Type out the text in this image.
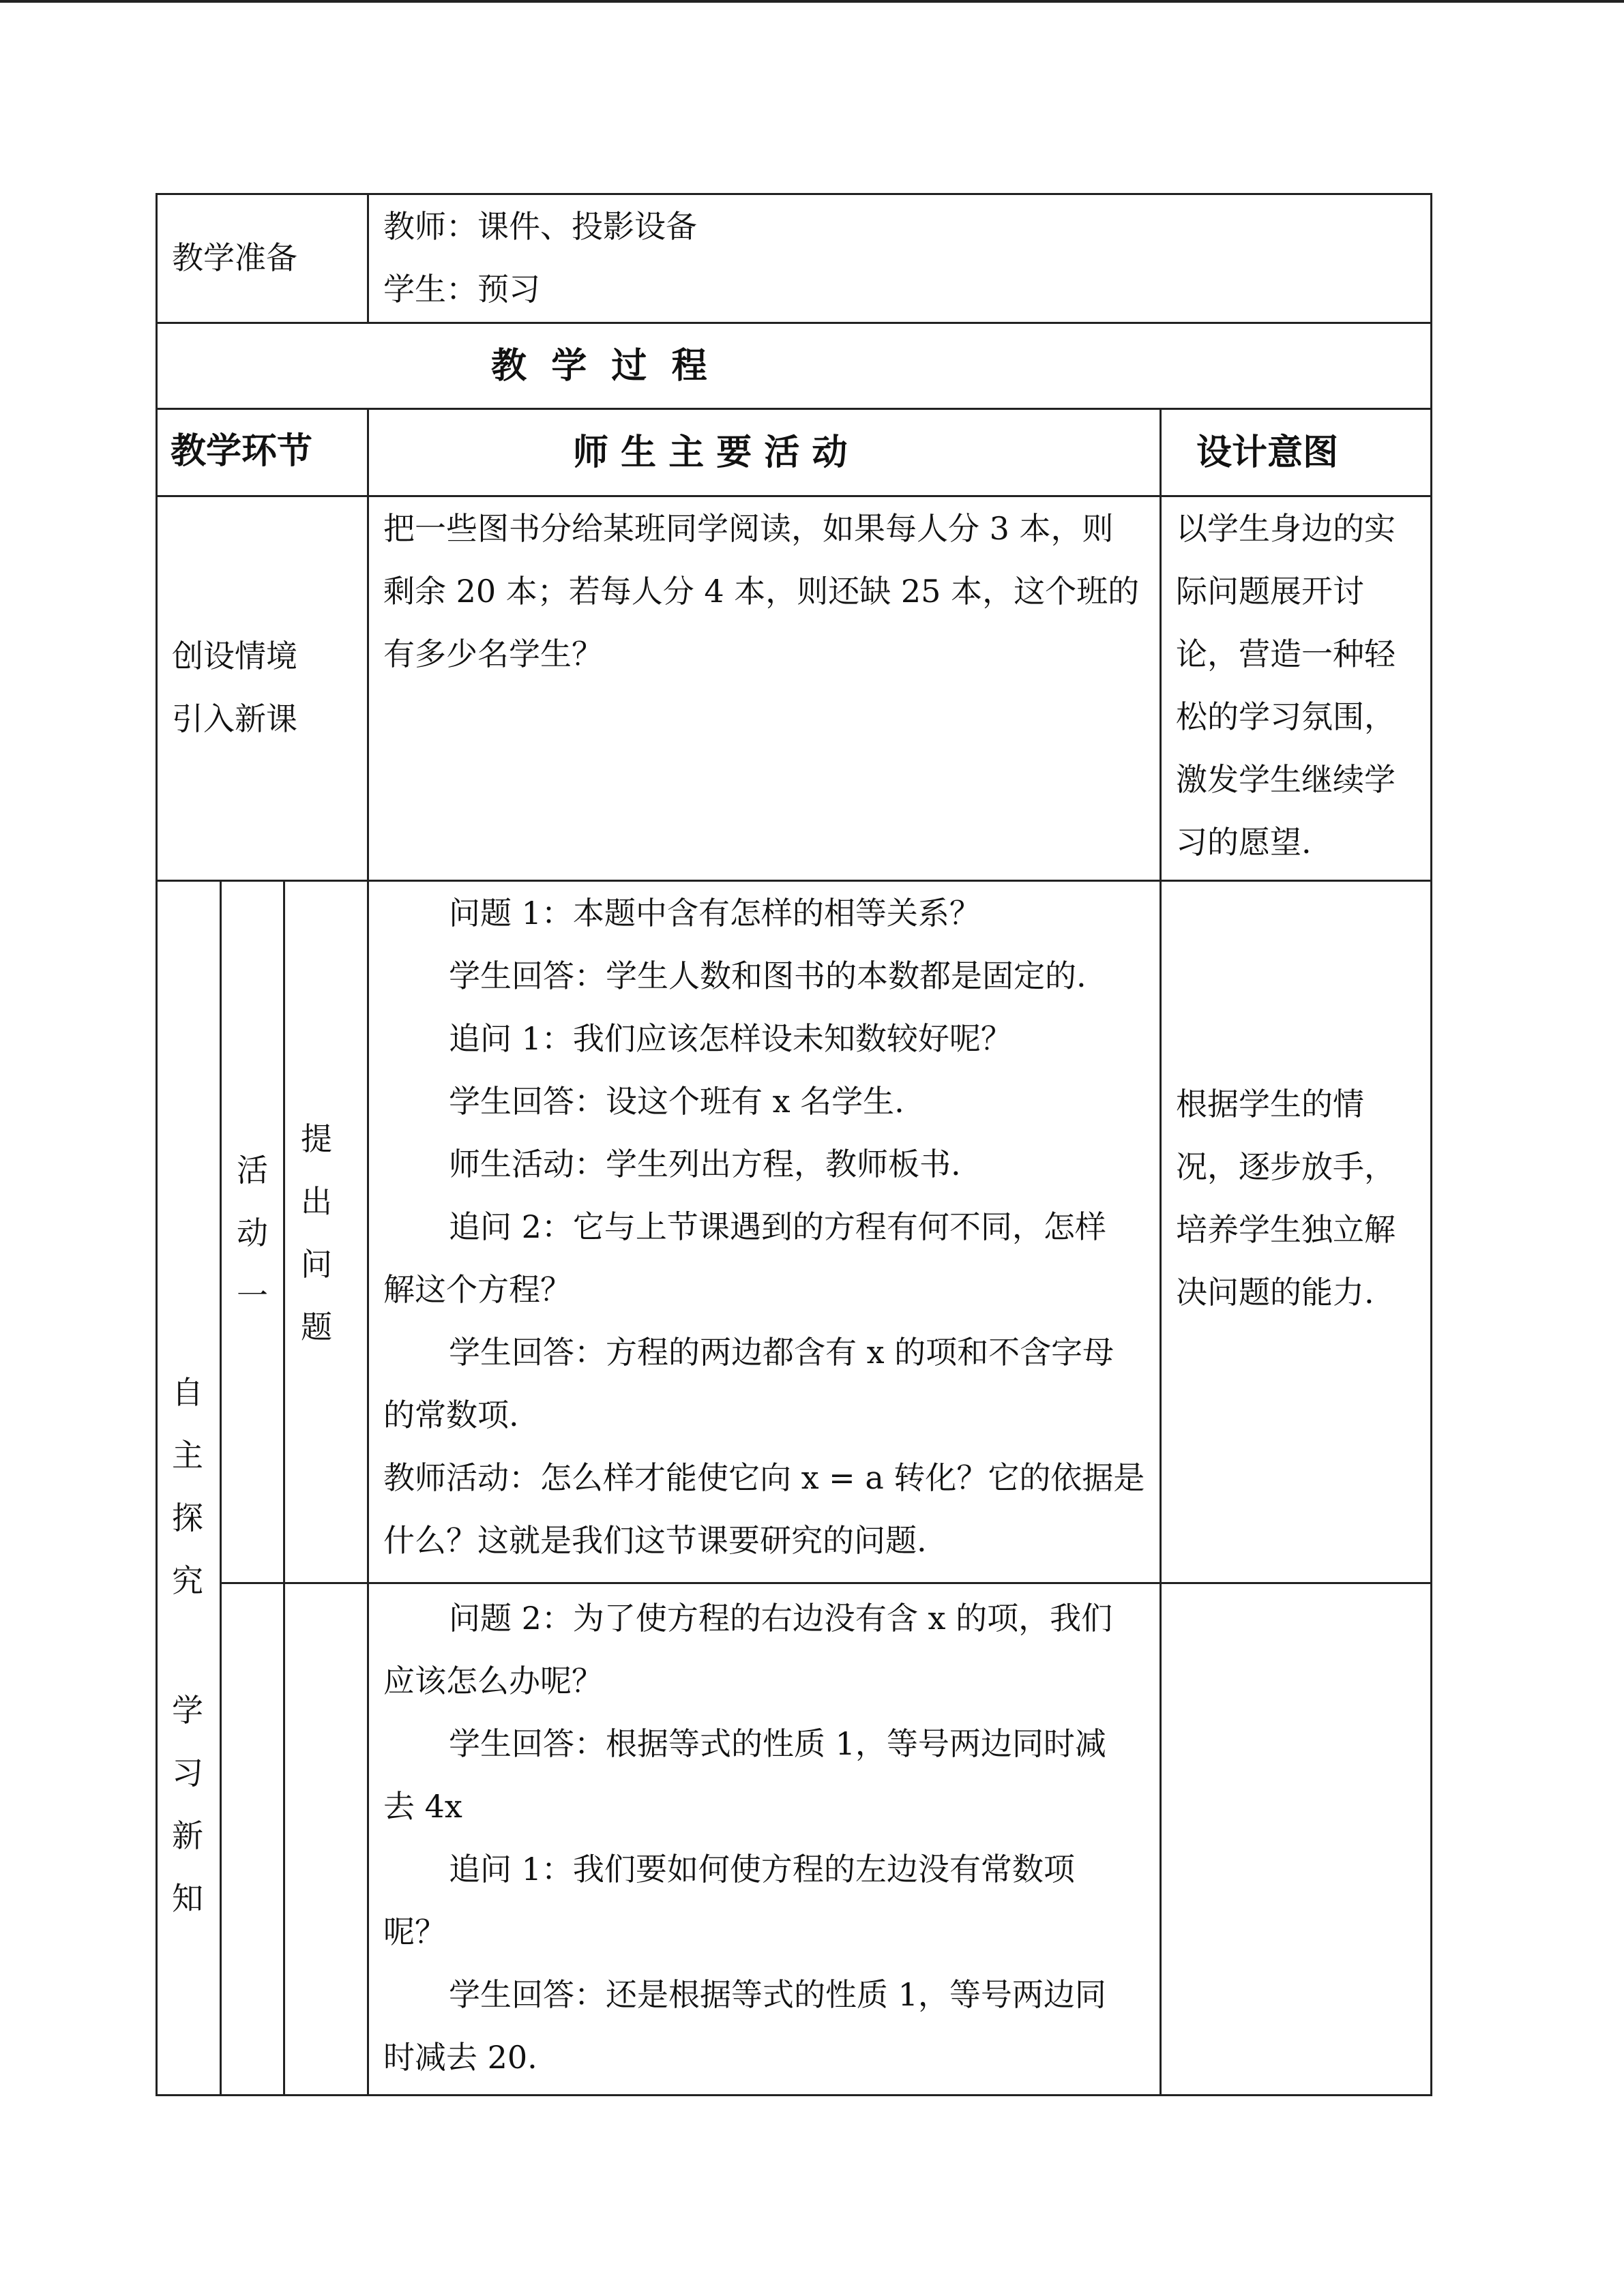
教学准备
教师：课件、投影设备
学生：预习
教  学  过  程
教学环节	师 生 主 要 活 动	设计意图
创设情境
引入新课
把一些图书分给某班同学阅读，如果每人分 3 本，则
剩余 20 本；若每人分 4 本，则还缺 25 本，这个班的
有多少名学生？
以学生身边的实
际问题展开讨
论，营造一种轻
松的学习氛围，
激发学生继续学
习的愿望.
自
主
探
究
学
习
新
知
活
动
一
提
出
问
题
问题 1：本题中含有怎样的相等关系？
学生回答：学生人数和图书的本数都是固定的.
追问 1：我们应该怎样设未知数较好呢？
学生回答：设这个班有 x 名学生.
师生活动：学生列出方程，教师板书.
追问 2：它与上节课遇到的方程有何不同，怎样
解这个方程？
学生回答：方程的两边都含有 x 的项和不含字母
的常数项.
教师活动：怎么样才能使它向 x = a 转化？它的依据是
什么？这就是我们这节课要研究的问题.
根据学生的情
况，逐步放手，
培养学生独立解
决问题的能力.
问题 2：为了使方程的右边没有含 x 的项，我们
应该怎么办呢？
学生回答：根据等式的性质 1，等号两边同时减
去 4x
追问 1：我们要如何使方程的左边没有常数项
呢？
学生回答：还是根据等式的性质 1，等号两边同
时减去 20.
